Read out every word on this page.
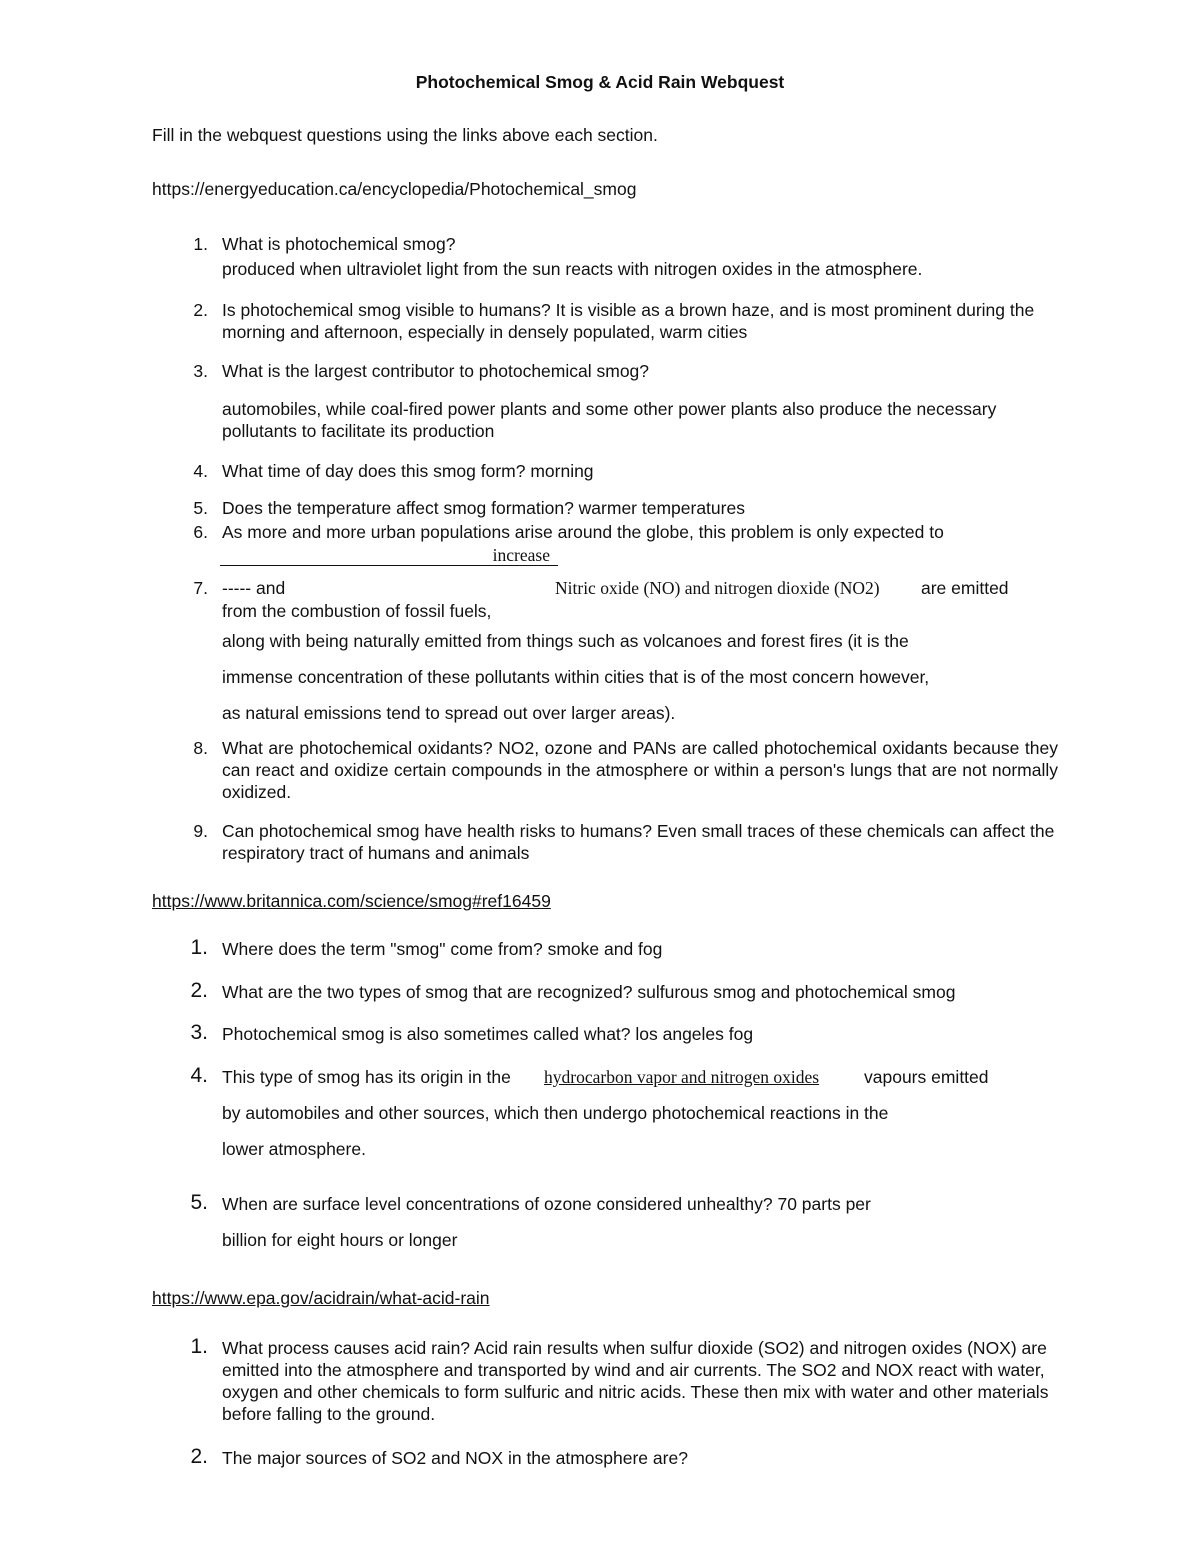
Photochemical Smog & Acid Rain Webquest
Fill in the webquest questions using the links above each section.
https://energyeducation.ca/encyclopedia/Photochemical_smog
1. What is photochemical smog?
produced when ultraviolet light from the sun reacts with nitrogen oxides in the atmosphere.
2. Is photochemical smog visible to humans? It is visible as a brown haze, and is most prominent during the morning and afternoon, especially in densely populated, warm cities
3. What is the largest contributor to photochemical smog?
automobiles, while coal-fired power plants and some other power plants also produce the necessary pollutants to facilitate its production
4. What time of day does this smog form? morning
5. Does the temperature affect smog formation? warmer temperatures
6. As more and more urban populations arise around the globe, this problem is only expected to
increase
7. ----- and	Nitric oxide (NO) and nitrogen dioxide (NO2) are emitted
from the combustion of fossil fuels,
along with being naturally emitted from things such as volcanoes and forest fires (it is the
immense concentration of these pollutants within cities that is of the most concern however,
as natural emissions tend to spread out over larger areas).
8. What are photochemical oxidants? NO2, ozone and PANs are called photochemical oxidants because they can react and oxidize certain compounds in the atmosphere or within a person's lungs that are not normally oxidized.
9. Can photochemical smog have health risks to humans? Even small traces of these chemicals can affect the respiratory tract of humans and animals
https://www.britannica.com/science/smog#ref16459
1. Where does the term "smog" come from? smoke and fog
2. What are the two types of smog that are recognized? sulfurous smog and photochemical smog
3. Photochemical smog is also sometimes called what? los angeles fog
4. This type of smog has its origin in the hydrocarbon vapor and nitrogen oxides	vapours emitted
by automobiles and other sources, which then undergo photochemical reactions in the
lower atmosphere.
5. When are surface level concentrations of ozone considered unhealthy? 70 parts per
billion for eight hours or longer
https://www.epa.gov/acidrain/what-acid-rain
1. What process causes acid rain? Acid rain results when sulfur dioxide (SO2) and nitrogen oxides (NOX) are emitted into the atmosphere and transported by wind and air currents. The SO2 and NOX react with water, oxygen and other chemicals to form sulfuric and nitric acids. These then mix with water and other materials before falling to the ground.
2. The major sources of SO2 and NOX in the atmosphere are?
